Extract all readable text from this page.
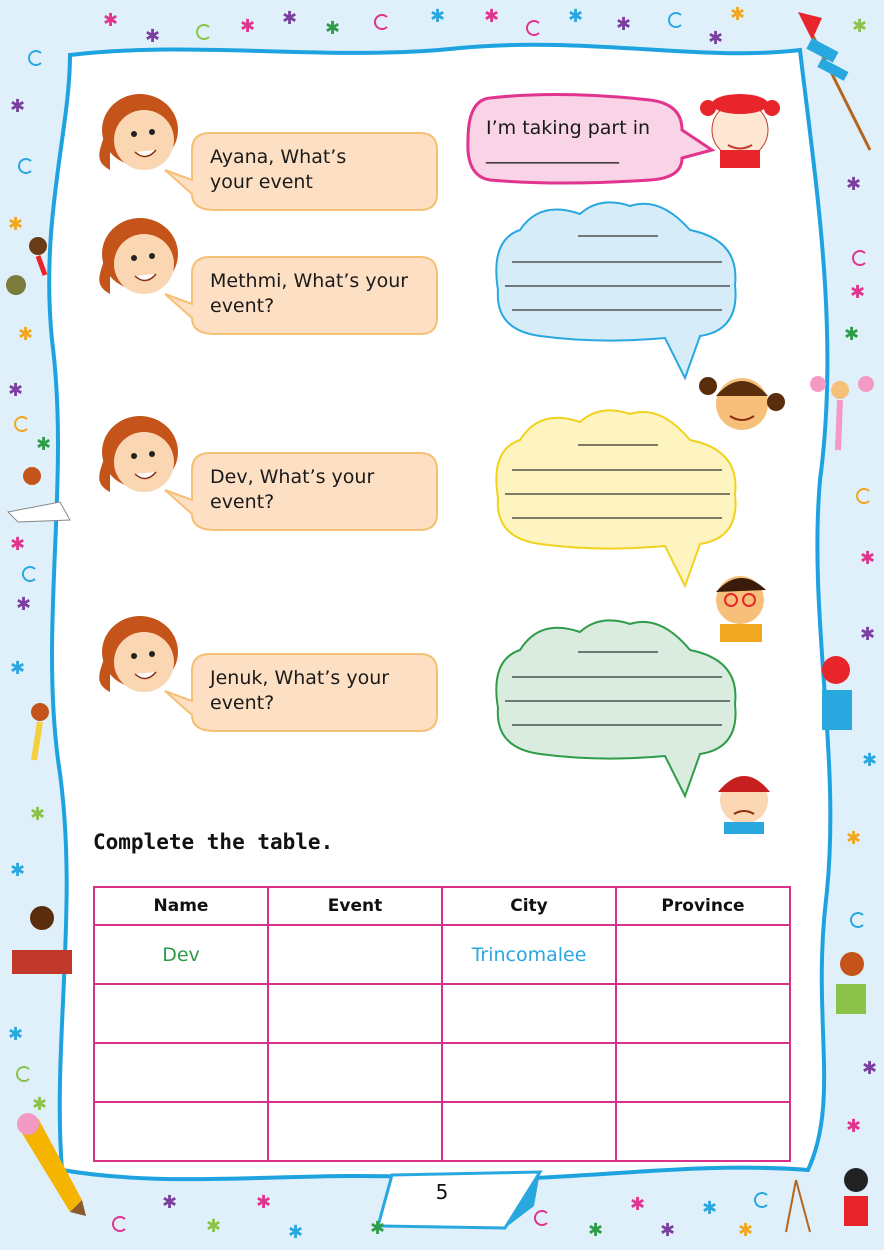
✱
✱	✱ ✱ ✱
✱ ✱	✱ ✱
✱
✱
✱
✱
✱
✱
✱
✱
✱
✱
✱
✱
✱
✱
✱
✱
✱
✱
✱
✱
✱
✱
✱
✱
✱
✱
✱
✱	✱	✱
✱
✱
✱
✱
Ayana, What’s your event
Methmi, What’s your event?
Dev, What’s your event?
Jenuk, What’s your event?
I’m taking part in ______________
Complete the table.
Name	Event	City	Province
Dev		Trincomalee	

5
